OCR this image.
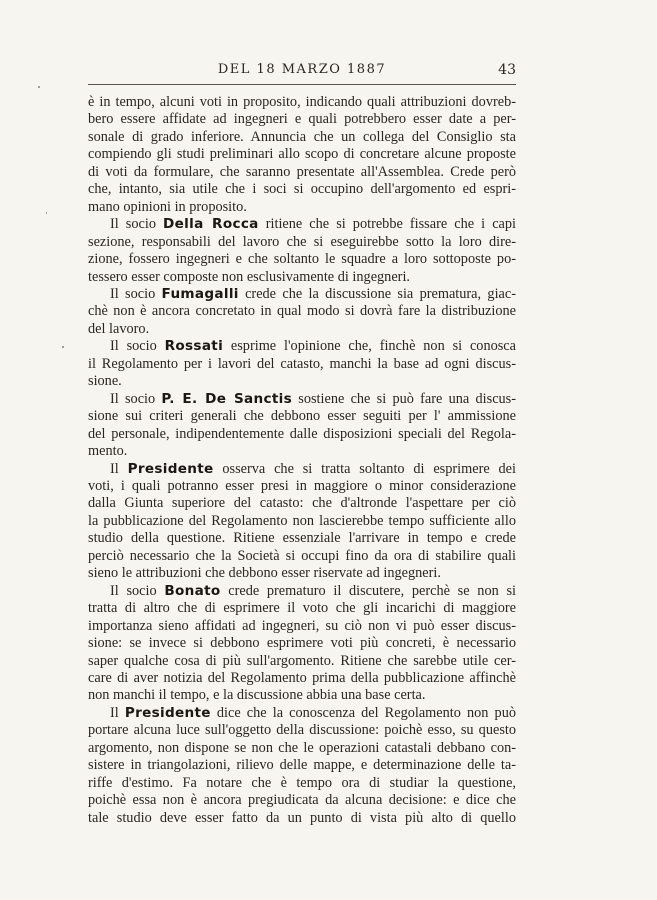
DEL 18 MARZO 1887	43

è in tempo, alcuni voti in proposito, indicando quali attribuzioni dovreb-

bero essere affidate ad ingegneri e quali potrebbero esser date a per-

sonale di grado inferiore. Annuncia che un collega del Consiglio sta

compiendo gli studi preliminari allo scopo di concretare alcune proposte

di voti da formulare, che saranno presentate all'Assemblea. Crede però

che, intanto, sia utile che i soci si occupino dell'argomento ed espri-

mano opinioni in proposito.

Il socio Della Rocca ritiene che si potrebbe fissare che i capi

sezione, responsabili del lavoro che si eseguirebbe sotto la loro dire-

zione, fossero ingegneri e che soltanto le squadre a loro sottoposte po-

tessero esser composte non esclusivamente di ingegneri.

Il socio Fumagalli crede che la discussione sia prematura, giac-

chè non è ancora concretato in qual modo si dovrà fare la distribuzione

del lavoro.

Il socio Rossati esprime l'opinione che, finchè non si conosca

il Regolamento per i lavori del catasto, manchi la base ad ogni discus-

sione.

Il socio P. E. De Sanctis sostiene che si può fare una discus-

sione sui criteri generali che debbono esser seguiti per l' ammissione

del personale, indipendentemente dalle disposizioni speciali del Regola-

mento.

Il Presidente osserva che si tratta soltanto di esprimere dei

voti, i quali potranno esser presi in maggiore o minor considerazione

dalla Giunta superiore del catasto: che d'altronde l'aspettare per ciò

la pubblicazione del Regolamento non lascierebbe tempo sufficiente allo

studio della questione. Ritiene essenziale l'arrivare in tempo e crede

perciò necessario che la Società si occupi fino da ora di stabilire quali

sieno le attribuzioni che debbono esser riservate ad ingegneri.

Il socio Bonato crede prematuro il discutere, perchè se non si

tratta di altro che di esprimere il voto che gli incarichi di maggiore

importanza sieno affidati ad ingegneri, su ciò non vi può esser discus-

sione: se invece si debbono esprimere voti più concreti, è necessario

saper qualche cosa di più sull'argomento. Ritiene che sarebbe utile cer-

care di aver notizia del Regolamento prima della pubblicazione affinchè

non manchi il tempo, e la discussione abbia una base certa.

Il Presidente dice che la conoscenza del Regolamento non può

portare alcuna luce sull'oggetto della discussione: poichè esso, su questo

argomento, non dispone se non che le operazioni catastali debbano con-

sistere in triangolazioni, rilievo delle mappe, e determinazione delle ta-

riffe d'estimo. Fa notare che è tempo ora di studiar la questione,

poichè essa non è ancora pregiudicata da alcuna decisione: e dice che

tale studio deve esser fatto da un punto di vista più alto di quello
